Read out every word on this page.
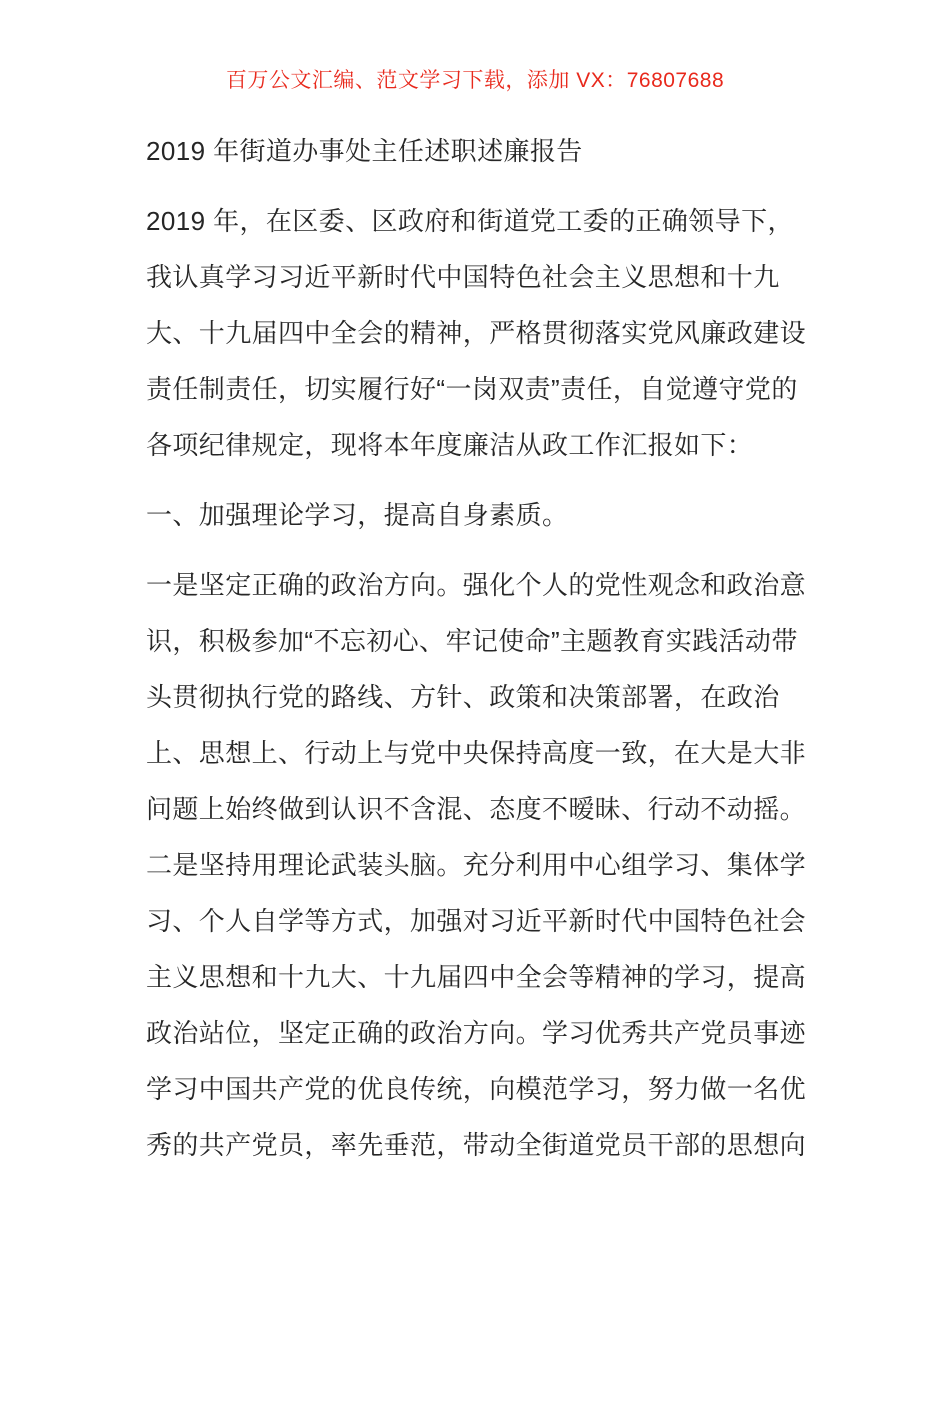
百万公文汇编、范文学习下载，添加 VX：76807688
2019 年街道办事处主任述职述廉报告
2019 年，在区委、区政府和街道党工委的正确领导下，我认真学习习近平新时代中国特色社会主义思想和十九大、十九届四中全会的精神，严格贯彻落实党风廉政建设责任制责任，切实履行好“一岗双责”责任，自觉遵守党的各项纪律规定，现将本年度廉洁从政工作汇报如下：
一、加强理论学习，提高自身素质。
一是坚定正确的政治方向。强化个人的党性观念和政治意识，积极参加“不忘初心、牢记使命”主题教育实践活动带头贯彻执行党的路线、方针、政策和决策部署，在政治上、思想上、行动上与党中央保持高度一致，在大是大非问题上始终做到认识不含混、态度不暧昧、行动不动摇。二是坚持用理论武装头脑。充分利用中心组学习、集体学习、个人自学等方式，加强对习近平新时代中国特色社会主义思想和十九大、十九届四中全会等精神的学习，提高政治站位，坚定正确的政治方向。学习优秀共产党员事迹学习中国共产党的优良传统，向模范学习，努力做一名优秀的共产党员，率先垂范，带动全街道党员干部的思想向
